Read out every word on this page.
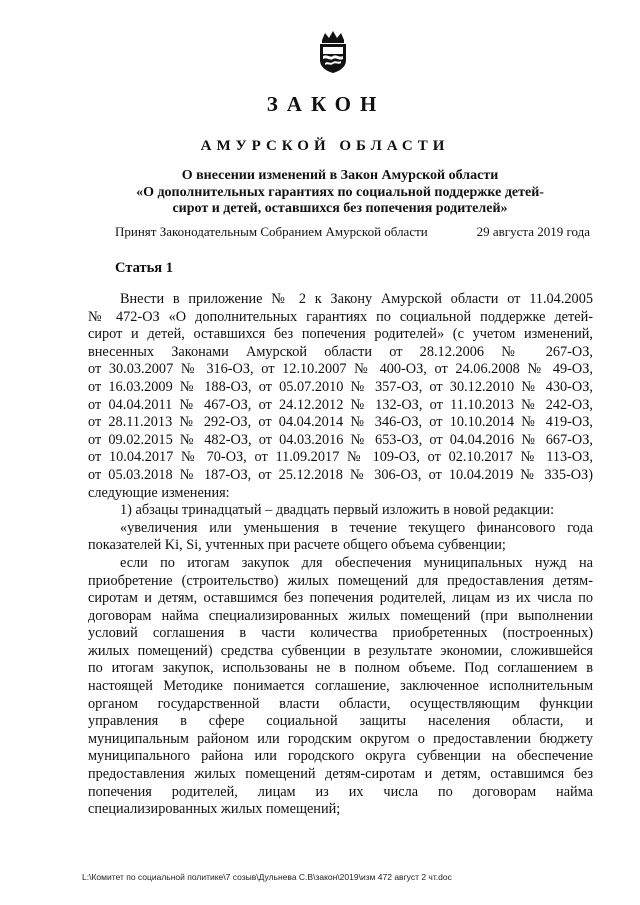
ЗАКОН
АМУРСКОЙ ОБЛАСТИ
О внесении изменений в Закон Амурской области
«О дополнительных гарантиях по социальной поддержке детей-
сирот и детей, оставшихся без попечения родителей»
Принят Законодательным Собранием Амурской области	29 августа 2019 года
Статья 1
Внести в приложение № 2 к Закону Амурской области от 11.04.2005
№ 472-ОЗ «О дополнительных гарантиях по социальной поддержке детей-
сирот и детей, оставшихся без попечения родителей» (с учетом изменений,
внесенных Законами Амурской области от 28.12.2006 № 267-ОЗ,
от 30.03.2007 № 316-ОЗ, от 12.10.2007 № 400-ОЗ, от 24.06.2008 № 49-ОЗ,
от 16.03.2009 № 188-ОЗ, от 05.07.2010 № 357-ОЗ, от 30.12.2010 № 430-ОЗ,
от 04.04.2011 № 467-ОЗ, от 24.12.2012 № 132-ОЗ, от 11.10.2013 № 242-ОЗ,
от 28.11.2013 № 292-ОЗ, от 04.04.2014 № 346-ОЗ, от 10.10.2014 № 419-ОЗ,
от 09.02.2015 № 482-ОЗ, от 04.03.2016 № 653-ОЗ, от 04.04.2016 № 667-ОЗ,
от 10.04.2017 № 70-ОЗ, от 11.09.2017 № 109-ОЗ, от 02.10.2017 № 113-ОЗ,
от 05.03.2018 № 187-ОЗ, от 25.12.2018 № 306-ОЗ, от 10.04.2019 № 335-ОЗ)
следующие изменения:
1) абзацы тринадцатый – двадцать первый изложить в новой редакции:
«увеличения или уменьшения в течение текущего финансового года
показателей Ki, Si, учтенных при расчете общего объема субвенции;
если по итогам закупок для обеспечения муниципальных нужд на
приобретение (строительство) жилых помещений для предоставления детям-
сиротам и детям, оставшимся без попечения родителей, лицам из их числа по
договорам найма специализированных жилых помещений (при выполнении
условий соглашения в части количества приобретенных (построенных)
жилых помещений) средства субвенции в результате экономии, сложившейся
по итогам закупок, использованы не в полном объеме. Под соглашением в
настоящей Методике понимается соглашение, заключенное исполнительным
органом государственной власти области, осуществляющим функции
управления в сфере социальной защиты населения области, и
муниципальным районом или городским округом о предоставлении бюджету
муниципального района или городского округа субвенции на обеспечение
предоставления жилых помещений детям-сиротам и детям, оставшимся без
попечения родителей, лицам из их числа по договорам найма
специализированных жилых помещений;
L:\Комитет по социальной политике\7 созыв\Дульнева С.В\закон\2019\изм 472 август 2 чт.doc
